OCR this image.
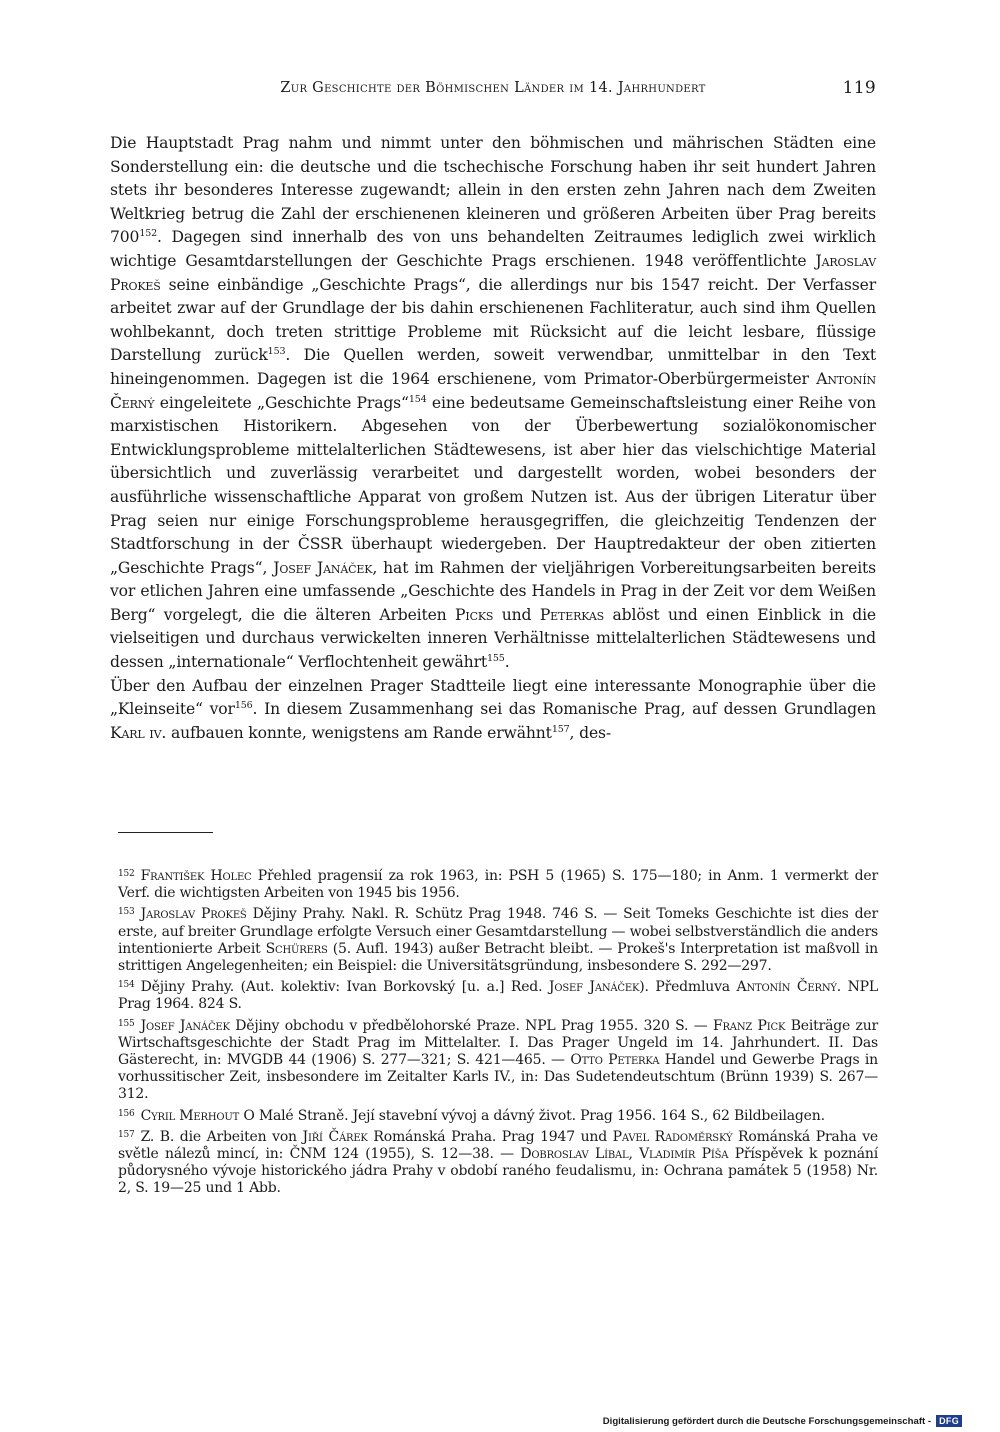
Zur Geschichte der Böhmischen Länder im 14. Jahrhundert	119

Die Hauptstadt Prag nahm und nimmt unter den böhmischen und mährischen Städten eine Sonderstellung ein: die deutsche und die tschechische Forschung haben ihr seit hundert Jahren stets ihr besonderes Interesse zugewandt; allein in den ersten zehn Jahren nach dem Zweiten Weltkrieg betrug die Zahl der erschienenen kleineren und größeren Arbeiten über Prag bereits $700^{152}$. Dagegen sind innerhalb des von uns behandelten Zeitraumes lediglich zwei wirklich wichtige Gesamtdarstellungen der Geschichte Prags erschienen. 1948 veröffentlichte Jaroslav Prokeš seine einbändige „Geschichte Prags“, die allerdings nur bis 1547 reicht. Der Verfasser arbeitet zwar auf der Grundlage der bis dahin erschienenen Fachliteratur, auch sind ihm Quellen wohlbekannt, doch treten strittige Probleme mit Rücksicht auf die leicht lesbare, flüssige Darstellung zurück$^{153}$. Die Quellen werden, soweit verwendbar, unmittelbar in den Text hineingenommen. Dagegen ist die 1964 erschienene, vom Primator-Oberbürgermeister Antonín Černý eingeleitete „Geschichte Prags“$^{154}$ eine bedeutsame Gemeinschaftsleistung einer Reihe von marxistischen Historikern. Abgesehen von der Überbewertung sozialökonomischer Entwicklungsprobleme mittelalterlichen Städtewesens, ist aber hier das vielschichtige Material übersichtlich und zuverlässig verarbeitet und dargestellt worden, wobei besonders der ausführliche wissenschaftliche Apparat von großem Nutzen ist. Aus der übrigen Literatur über Prag seien nur einige Forschungsprobleme herausgegriffen, die gleichzeitig Tendenzen der Stadtforschung in der ČSSR überhaupt wiedergeben. Der Hauptredakteur der oben zitierten „Geschichte Prags“, Josef Janáček, hat im Rahmen der vieljährigen Vorbereitungsarbeiten bereits vor etlichen Jahren eine umfassende „Geschichte des Handels in Prag in der Zeit vor dem Weißen Berg“ vorgelegt, die die älteren Arbeiten Picks und Peterkas ablöst und einen Einblick in die vielseitigen und durchaus verwickelten inneren Verhältnisse mittelalterlichen Städtewesens und dessen „internationale“ Verflochtenheit gewährt$^{155}$.

Über den Aufbau der einzelnen Prager Stadtteile liegt eine interessante Monographie über die „Kleinseite“ vor$^{156}$. In diesem Zusammenhang sei das Romanische Prag, auf dessen Grundlagen Karl iv. aufbauen konnte, wenigstens am Rande erwähnt$^{157}$, des-

$^{152}$ František Holec Přehled pragensií za rok 1963, in: PSH 5 (1965) S. 175—180; in Anm. 1 vermerkt der Verf. die wichtigsten Arbeiten von 1945 bis 1956.

$^{153}$ Jaroslav Prokeš Dějiny Prahy. Nakl. R. Schütz Prag 1948. 746 S. — Seit Tomeks Geschichte ist dies der erste, auf breiter Grundlage erfolgte Versuch einer Gesamtdarstellung — wobei selbstverständlich die anders intentionierte Arbeit Schürers (5. Aufl. 1943) außer Betracht bleibt. — Prokeš's Interpretation ist maßvoll in strittigen Angelegenheiten; ein Beispiel: die Universitätsgründung, insbesondere S. 292—297.

$^{154}$ Dějiny Prahy. (Aut. kolektiv: Ivan Borkovský [u. a.] Red. Josef Janáček). Předmluva Antonín Černý. NPL Prag 1964. 824 S.

$^{155}$ Josef Janáček Dějiny obchodu v předbělohorské Praze. NPL Prag 1955. 320 S. — Franz Pick Beiträge zur Wirtschaftsgeschichte der Stadt Prag im Mittelalter. I. Das Prager Ungeld im 14. Jahrhundert. II. Das Gästerecht, in: MVGDB 44 (1906) S. 277—321; S. 421—465. — Otto Peterka Handel und Gewerbe Prags in vorhussitischer Zeit, insbesondere im Zeitalter Karls IV., in: Das Sudetendeutschtum (Brünn 1939) S. 267—312.

$^{156}$ Cyril Merhout O Malé Straně. Její stavební vývoj a dávný život. Prag 1956. 164 S., 62 Bildbeilagen.

$^{157}$ Z. B. die Arbeiten von Jiří Čárek Románská Praha. Prag 1947 und Pavel Radoměrský Románská Praha ve světle nálezů mincí, in: ČNM 124 (1955), S. 12—38. — Dobroslav Líbal, Vladimír Píša Příspěvek k poznání půdorysného vývoje historického jádra Prahy v období raného feudalismu, in: Ochrana památek 5 (1958) Nr. 2, S. 19—25 und 1 Abb.

Digitalisierung gefördert durch die Deutsche Forschungsgemeinschaft - DFG
